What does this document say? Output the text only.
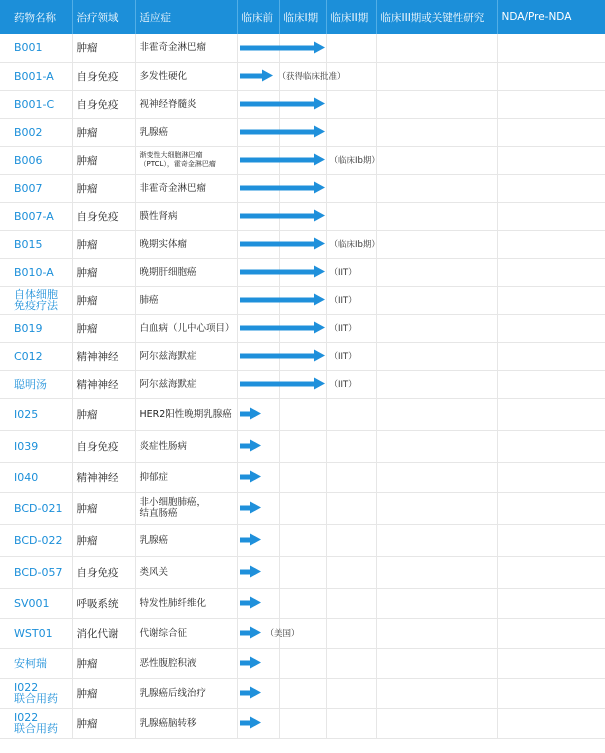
药物名称	治疗领域	适应症	临床前	临床I期	临床II期	临床III期或关键性研究	NDA/Pre-NDA
B001	肿瘤	非霍奇金淋巴瘤	

B001-A	自身免疫	多发性硬化	（获得临床批准）				

B001-C	自身免疫	视神经脊髓炎	

B002	肿瘤	乳腺癌	

B006	肿瘤	渐变性大细胞淋巴瘤
（PTCL），霍奇金淋巴瘤	（临床Ib期）				

B007	肿瘤	非霍奇金淋巴瘤	

B007-A	自身免疫	膜性肾病	

B015	肿瘤	晚期实体瘤	（临床Ib期）				

B010-A	肿瘤	晚期肝细胞癌	（IIT）				

自体细胞
免疫疗法	肿瘤	肺癌	（IIT）				

B019	肿瘤	白血病（儿中心项目）	（IIT）				

C012	精神神经	阿尔兹海默症	（IIT）				

聪明汤	精神神经	阿尔兹海默症	（IIT）				

I025	肿瘤	HER2阳性晚期乳腺癌	

I039	自身免疫	炎症性肠病	

I040	精神神经	抑郁症	

BCD-021	肿瘤	非小细胞肺癌，
结直肠癌	

BCD-022	肿瘤	乳腺癌	

BCD-057	自身免疫	类风关	

SV001	呼吸系统	特发性肺纤维化	

WST01	消化代谢	代谢综合征	（美国）				

安柯瑞	肿瘤	恶性腹腔积液	

I022
联合用药	肿瘤	乳腺癌后线治疗	

I022
联合用药	肿瘤	乳腺癌脑转移	
